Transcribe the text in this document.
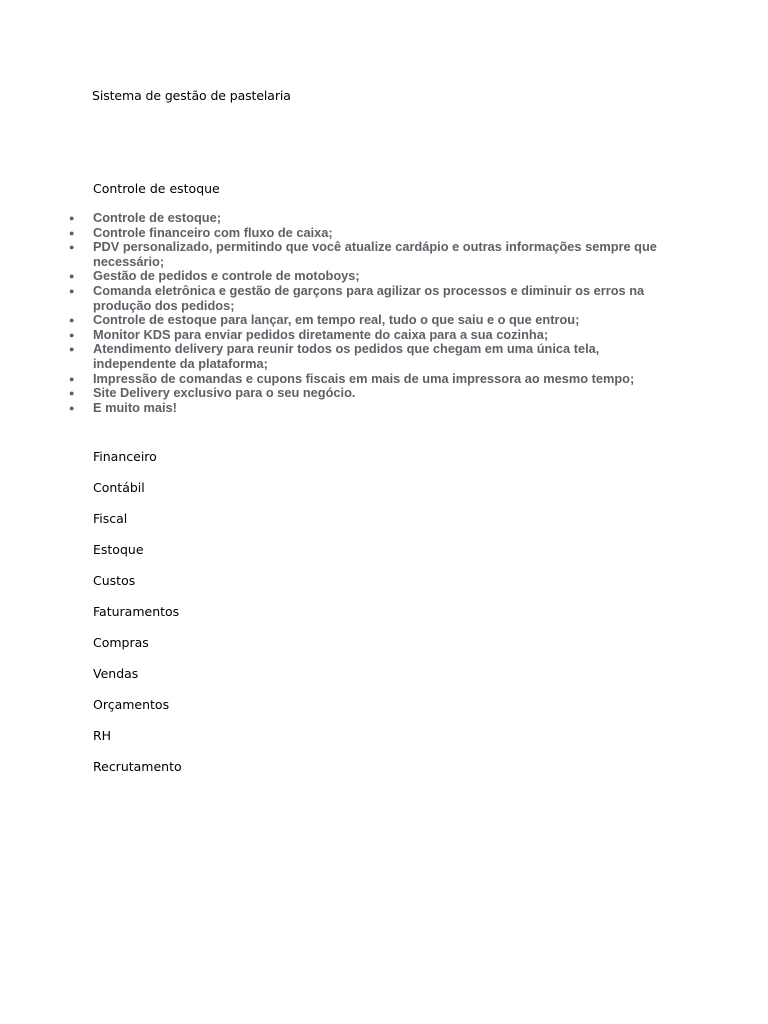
Sistema de gestão de pastelaria
Controle de estoque
● Controle de estoque;
● Controle financeiro com fluxo de caixa;
● PDV personalizado, permitindo que você atualize cardápio e outras informações sempre que necessário;
● Gestão de pedidos e controle de motoboys;
● Comanda eletrônica e gestão de garçons para agilizar os processos e diminuir os erros na produção dos pedidos;
● Controle de estoque para lançar, em tempo real, tudo o que saiu e o que entrou;
● Monitor KDS para enviar pedidos diretamente do caixa para a sua cozinha;
● Atendimento delivery para reunir todos os pedidos que chegam em uma única tela, independente da plataforma;
● Impressão de comandas e cupons fiscais em mais de uma impressora ao mesmo tempo;
● Site Delivery exclusivo para o seu negócio.
● E muito mais!
Financeiro
Contábil
Fiscal
Estoque
Custos
Faturamentos
Compras
Vendas
Orçamentos
RH
Recrutamento
